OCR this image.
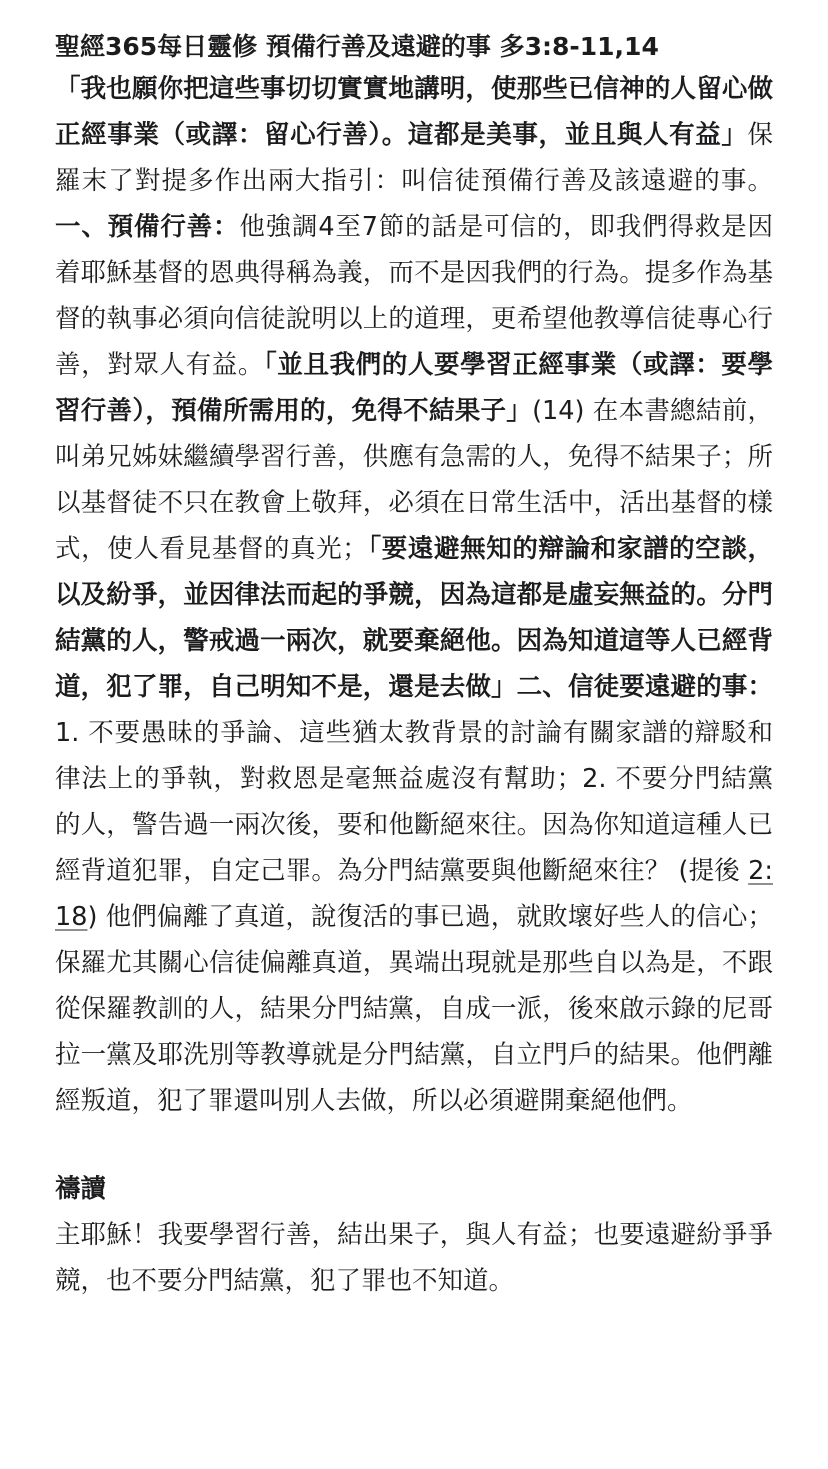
聖經365每日靈修 預備行善及遠避的事 多3:8-11,14

「我也願你把這些事切切實實地講明，使那些已信神的人留心做正經事業（或譯：留心行善）。這都是美事，並且與人有益」保羅末了對提多作出兩大指引：叫信徒預備行善及該遠避的事。一、預備行善：他強調4至7節的話是可信的，即我們得救是因着耶穌基督的恩典得稱為義，而不是因我們的行為。提多作為基督的執事必須向信徒說明以上的道理，更希望他教導信徒專心行善，對眾人有益。「並且我們的人要學習正經事業（或譯：要學習行善），預備所需用的，免得不結果子」(14) 在本書總結前，叫弟兄姊妹繼續學習行善，供應有急需的人，免得不結果子；所以基督徒不只在教會上敬拜，必須在日常生活中，活出基督的樣式，使人看見基督的真光；「要遠避無知的辯論和家譜的空談，以及紛爭，並因律法而起的爭競，因為這都是虛妄無益的。分門結黨的人，警戒過一兩次，就要棄絕他。因為知道這等人已經背道，犯了罪，自己明知不是，還是去做」二、信徒要遠避的事：1. 不要愚昧的爭論、這些猶太教背景的討論有關家譜的辯駁和律法上的爭執，對救恩是毫無益處沒有幫助；2. 不要分門結黨的人，警告過一兩次後，要和他斷絕來往。因為你知道這種人已經背道犯罪，自定己罪。為分門結黨要與他斷絕來往？ (提後 2:18) 他們偏離了真道，說復活的事已過，就敗壞好些人的信心；保羅尤其關心信徒偏離真道，異端出現就是那些自以為是，不跟從保羅教訓的人，結果分門結黨，自成一派，後來啟示錄的尼哥拉一黨及耶洗別等教導就是分門結黨，自立門戶的結果。他們離經叛道，犯了罪還叫別人去做，所以必須避開棄絕他們。

禱讀

主耶穌！我要學習行善，結出果子，與人有益；也要遠避紛爭爭競，也不要分門結黨，犯了罪也不知道。
